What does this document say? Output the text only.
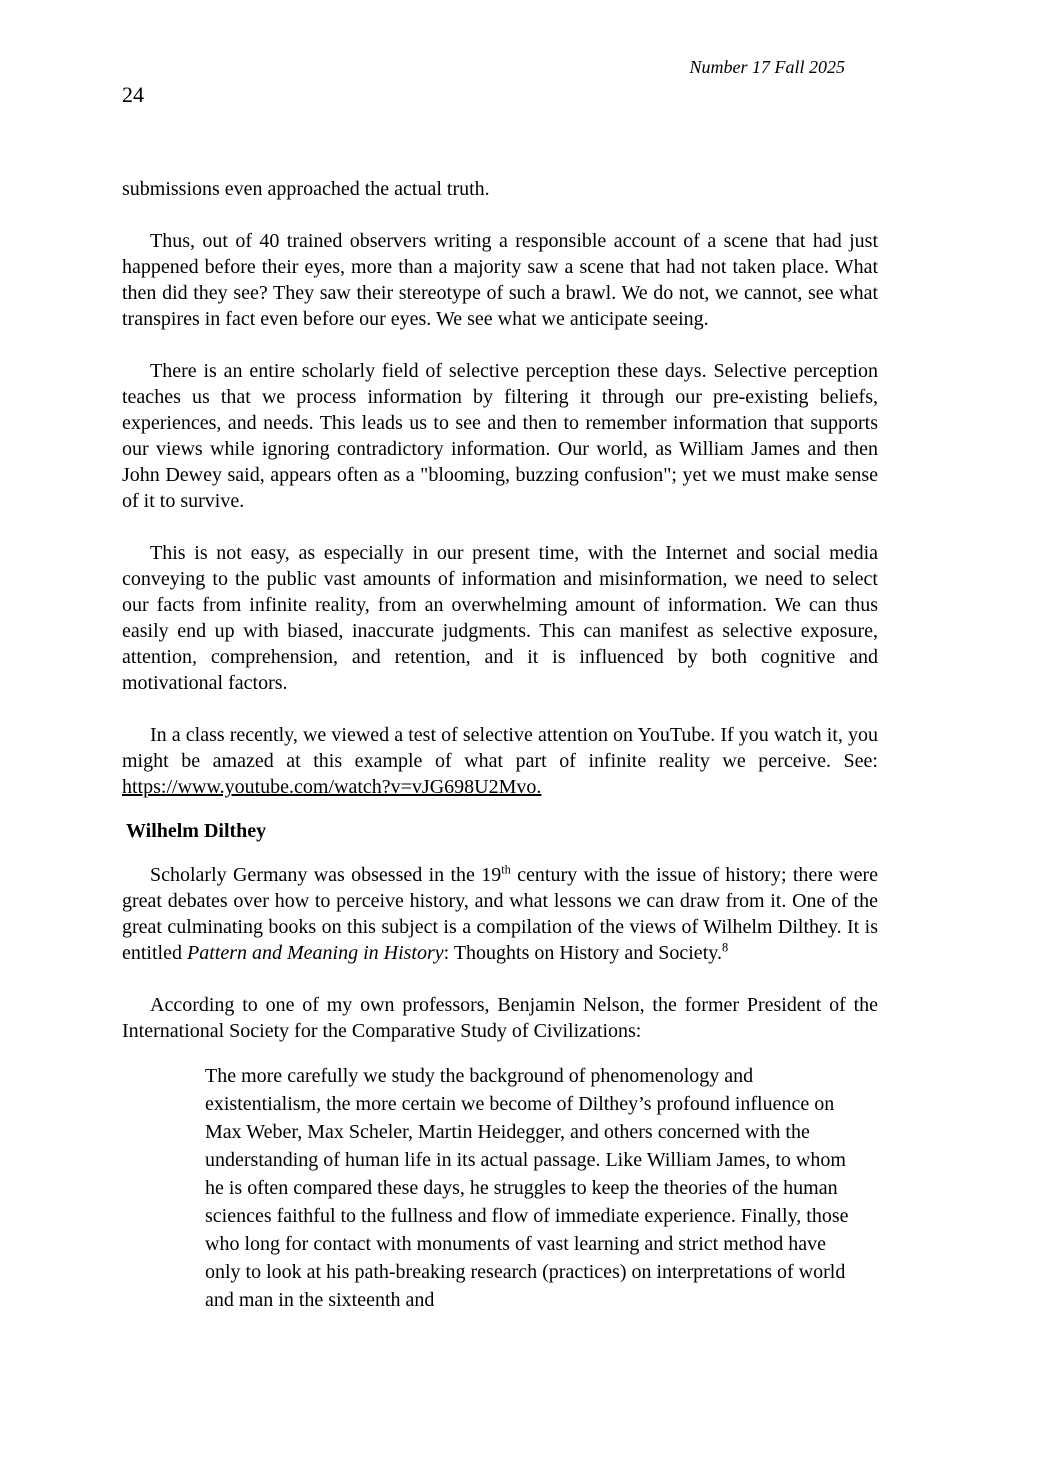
Number 17 Fall 2025
24

submissions even approached the actual truth.

Thus, out of 40 trained observers writing a responsible account of a scene that had just happened before their eyes, more than a majority saw a scene that had not taken place. What then did they see? They saw their stereotype of such a brawl. We do not, we cannot, see what transpires in fact even before our eyes. We see what we anticipate seeing.

There is an entire scholarly field of selective perception these days. Selective perception teaches us that we process information by filtering it through our pre-existing beliefs, experiences, and needs. This leads us to see and then to remember information that supports our views while ignoring contradictory information. Our world, as William James and then John Dewey said, appears often as a "blooming, buzzing confusion"; yet we must make sense of it to survive.

This is not easy, as especially in our present time, with the Internet and social media conveying to the public vast amounts of information and misinformation, we need to select our facts from infinite reality, from an overwhelming amount of information. We can thus easily end up with biased, inaccurate judgments. This can manifest as selective exposure, attention, comprehension, and retention, and it is influenced by both cognitive and motivational factors.

In a class recently, we viewed a test of selective attention on YouTube. If you watch it, you might be amazed at this example of what part of infinite reality we perceive. See: https://www.youtube.com/watch?v=vJG698U2Mvo.

Wilhelm Dilthey

Scholarly Germany was obsessed in the 19th century with the issue of history; there were great debates over how to perceive history, and what lessons we can draw from it. One of the great culminating books on this subject is a compilation of the views of Wilhelm Dilthey. It is entitled Pattern and Meaning in History: Thoughts on History and Society.$^8$

According to one of my own professors, Benjamin Nelson, the former President of the International Society for the Comparative Study of Civilizations:

The more carefully we study the background of phenomenology and existentialism, the more certain we become of Dilthey’s profound influence on Max Weber, Max Scheler, Martin Heidegger, and others concerned with the understanding of human life in its actual passage. Like William James, to whom he is often compared these days, he struggles to keep the theories of the human sciences faithful to the fullness and flow of immediate experience. Finally, those who long for contact with monuments of vast learning and strict method have only to look at his path-breaking research (practices) on interpretations of world and man in the sixteenth and
